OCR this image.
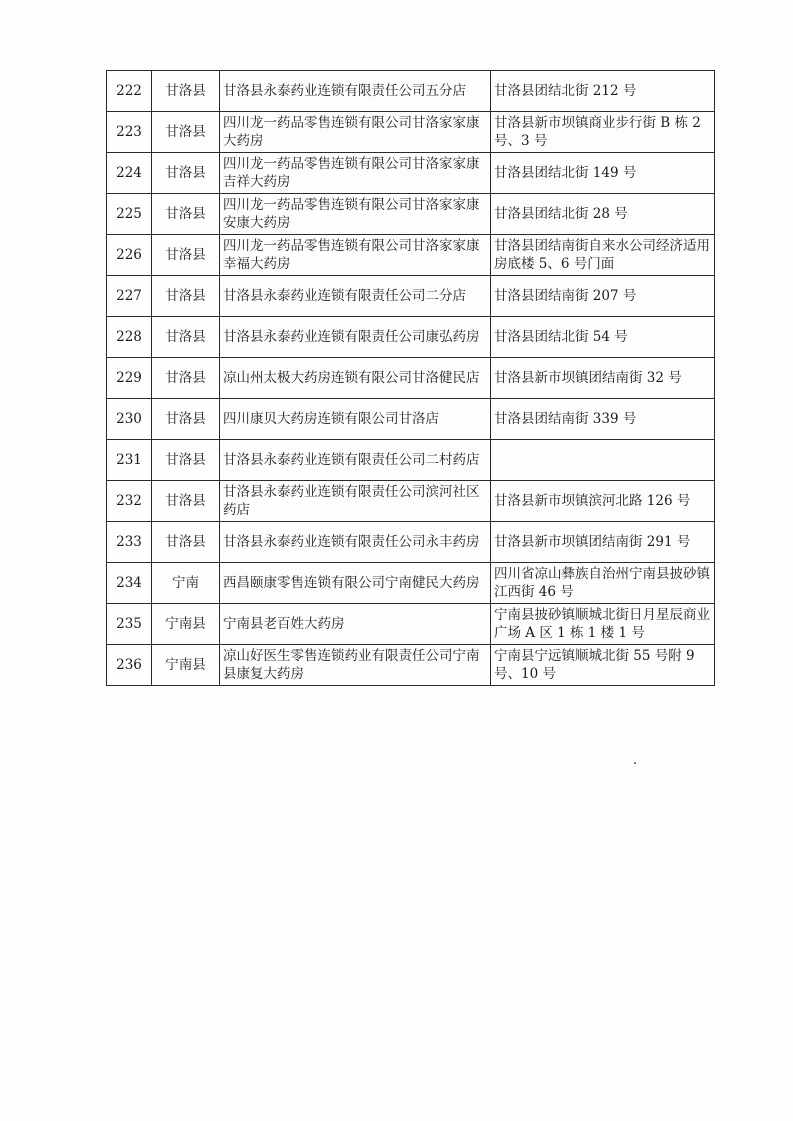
222	甘洛县	甘洛县永泰药业连锁有限责任公司五分店	甘洛县团结北街 212 号
223	甘洛县	四川龙一药品零售连锁有限公司甘洛家家康大药房	甘洛县新市坝镇商业步行街 B 栋 2 号、3 号
224	甘洛县	四川龙一药品零售连锁有限公司甘洛家家康吉祥大药房	甘洛县团结北街 149 号
225	甘洛县	四川龙一药品零售连锁有限公司甘洛家家康安康大药房	甘洛县团结北街 28 号
226	甘洛县	四川龙一药品零售连锁有限公司甘洛家家康幸福大药房	甘洛县团结南街自来水公司经济适用房底楼 5、6 号门面
227	甘洛县	甘洛县永泰药业连锁有限责任公司二分店	甘洛县团结南街 207 号
228	甘洛县	甘洛县永泰药业连锁有限责任公司康弘药房	甘洛县团结北街 54 号
229	甘洛县	凉山州太极大药房连锁有限公司甘洛健民店	甘洛县新市坝镇团结南街 32 号
230	甘洛县	四川康贝大药房连锁有限公司甘洛店	甘洛县团结南街 339 号
231	甘洛县	甘洛县永泰药业连锁有限责任公司二村药店	
232	甘洛县	甘洛县永泰药业连锁有限责任公司滨河社区药店	甘洛县新市坝镇滨河北路 126 号
233	甘洛县	甘洛县永泰药业连锁有限责任公司永丰药房	甘洛县新市坝镇团结南街 291 号
234	宁南	西昌颐康零售连锁有限公司宁南健民大药房	四川省凉山彝族自治州宁南县披砂镇江西街 46 号
235	宁南县	宁南县老百姓大药房	宁南县披砂镇顺城北街日月星辰商业广场 A 区 1 栋 1 楼 1 号
236	宁南县	凉山好医生零售连锁药业有限责任公司宁南县康复大药房	宁南县宁远镇顺城北街 55 号附 9 号、10 号
